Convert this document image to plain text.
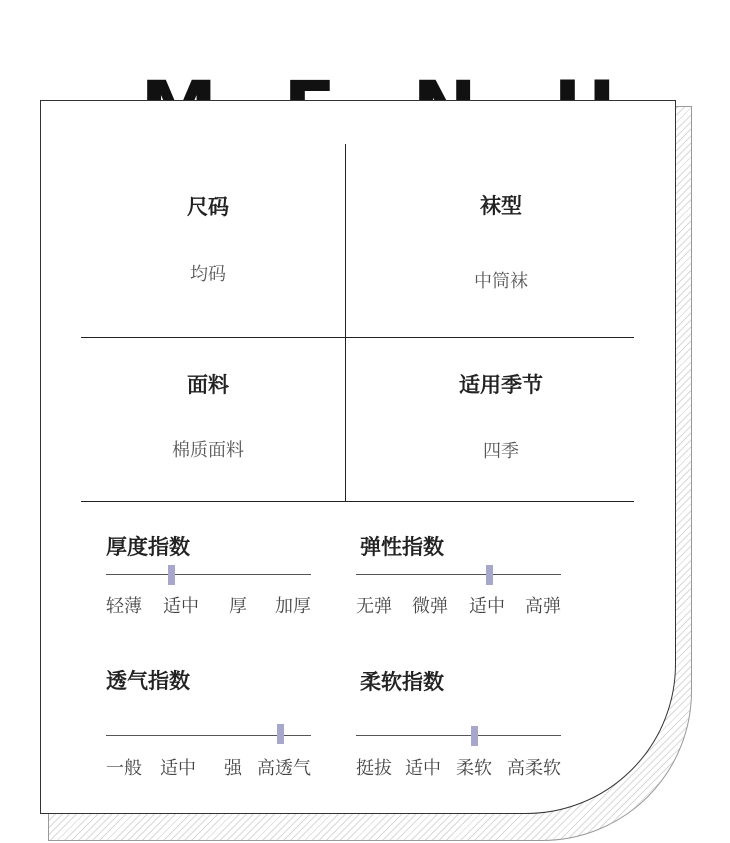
尺码
均码
袜型
中筒袜
面料
棉质面料
适用季节
四季
厚度指数
轻薄 适中 厚 加厚
弹性指数
无弹 微弹 适中 高弹
透气指数
一般 适中 强 高透气
柔软指数
挺拔 适中 柔软 高柔软
